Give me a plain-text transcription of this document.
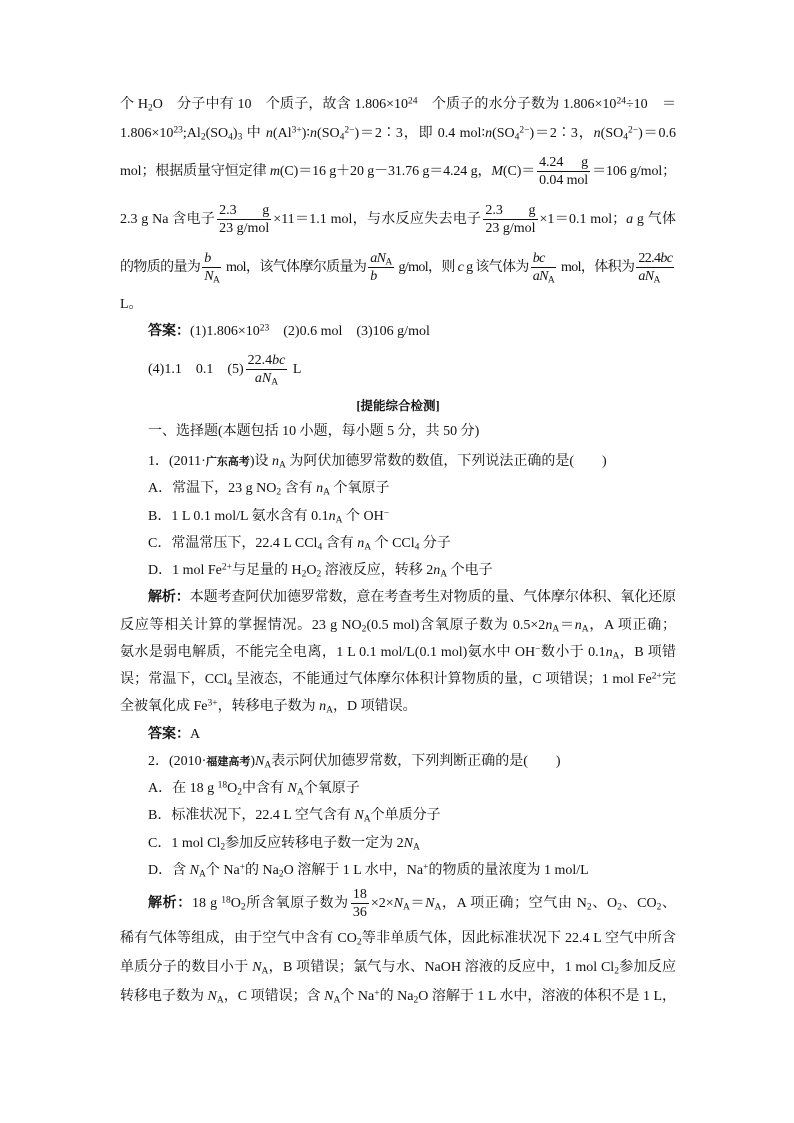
个 $H_2O$　分子中有 10　个质子，故含 $1.806\times 10^{24}$　个质子的水分子数为 $1.806\times 10^{24}\div 10$　＝
$1.806\times 10^{23};Al_2(SO_4)_3$ 中 $n(Al^{3+})∶n(SO_4^{2-})=2∶3$，即 0.4 $mol∶n(SO_4^{2-})=2∶3$，$n(SO_4^{2-})=0.6$
mol；根据质量守恒定律 m(C)＝16 g＋20 g－31.76 g＝4.24 g，$M(C)= \frac{4.24 g}{\text{0.04 mol}} =106$ g/mol；
2.3 g Na 含电子 $\frac{2.3 g}{\text{23 g/mol}} \times 11=1.1$ mol，与水反应失去电子 $\frac{2.3 g}{\text{23 g/mol}} \times 1=0.1$ mol；a g 气体
的物质的量为 $\frac{b}{N_A}$ mol，该气体摩尔质量为 $\frac{aN_A}{b} g/mol$，则 c g 该气体为 $\frac{bc}{aN_A}$ mol，体积为 $\frac{22.4bc}{aN_A}$
L。
答案：$(1)1.806\times 10^{23}$　(2)0.6 mol　(3)106 g/mol
(4)1.1　0.1　$(5) \frac{22.4bc}{aN_A}$ L
[提能综合检测]
一、选择题(本题包括 10 小题，每小题 5 分，共 50 分)
1．(2011·广东高考)设 $n_A$ 为阿伏加德罗常数的数值，下列说法正确的是(　　)
A．常温下，23 g $NO_2$ 含有 $n_A$ 个氧原子
B．1 L 0.1 mol/L 氨水含有 $0.1n_A$ 个 OH−
C．常温常压下，22.4 L CCl$_4$ 含有 $n_A$ 个 CCl$_4$ 分子
D．1 mol $Fe^{2+}$与足量的 $H_2O_2$ 溶液反应，转移 $2n_A$ 个电子
解析：本题考查阿伏加德罗常数，意在考查考生对物质的量、气体摩尔体积、氧化还原
反应等相关计算的掌握情况。23 g $NO_2(0.5$ mol)含氧原子数为 $0.5\times 2n_A=n_A$，A 项正确；
氨水是弱电解质，不能完全电离，1 L 0.1 mol/L(0.1 mol)氨水中 OH−数小于 $0.1n_A$，B 项错
误；常温下，CCl$_4$ 呈液态，不能通过气体摩尔体积计算物质的量，C 项错误；1 mol $Fe^{2+}$完
全被氧化成 $Fe^{3+}$，转移电子数为 $n_A$，D 项错误。
答案：A
2．(2010·福建高考)$N_A$表示阿伏加德罗常数，下列判断正确的是(　　)
A．在 18 g $^{18}O_2$中含有 $N_A$个氧原子
B．标准状况下，22.4 L 空气含有 $N_A$个单质分子
C．1 mol $Cl_2$参加反应转移电子数一定为 $2N_A$
D．含 $N_A$个 Na+的 $Na_2O$ 溶解于 1 L 水中，Na+的物质的量浓度为 1 mol/L
解析：18 g $^{18}O_2$所含氧原子数为 $\frac{18}{36} \times 2\times N_A=N_A$，A 项正确；空气由 $N_2$、$O_2$、$CO_2$、
稀有气体等组成，由于空气中含有 $CO_2$等非单质气体，因此标准状况下 22.4 L 空气中所含
单质分子的数目小于 $N_A$，B 项错误；氯气与水、NaOH 溶液的反应中，1 mol $Cl_2$参加反应
转移电子数为 $N_A$，C 项错误；含 $N_A$个 Na+的 $Na_2O$ 溶解于 1 L 水中，溶液的体积不是 1 L，
